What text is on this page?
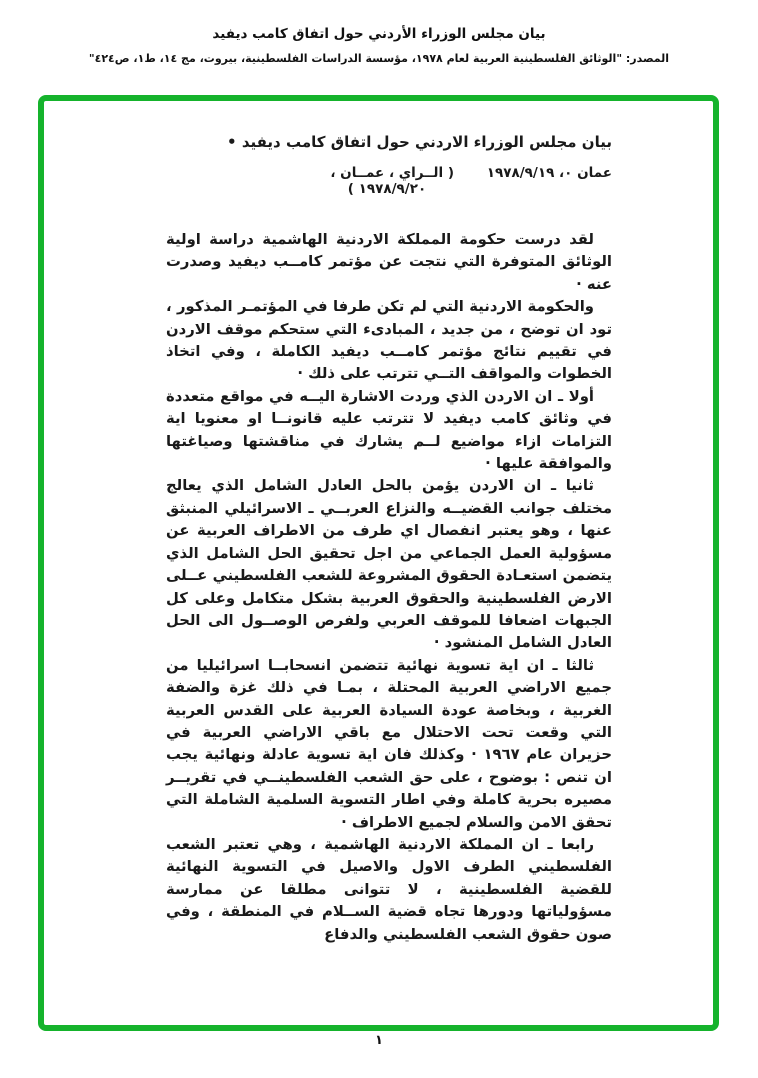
بيان مجلس الوزراء الأردني حول اتفاق كامب ديفيد
المصدر: "الوثائق الفلسطينية العربية لعام ١٩٧٨، مؤسسة الدراسات الفلسطينية، بيروت، مج ١٤، ط١، ص٤٢٤"
بيان مجلس الوزراء الاردني حول اتفاق كامب ديفيد •
عمان ٠، ١٩٧٨/٩/١٩
( الــراي ، عمــان ،

١٩٧٨/٩/٢٠ )

لقد درست حكومة المملكة الاردنية الهاشمية دراسة اولية الوثائق المتوفرة التي نتجت عن مؤتمر كامــب ديفيد وصدرت عنه ·

والحكومة الاردنية التي لم تكن طرفا في المؤتمـر المذكور ، تود ان توضح ، من جديد ، المبادىء التي ستحكم موقف الاردن في تقييم نتائج مؤتمر كامــب ديفيد الكاملة ، وفي اتخاذ الخطوات والمواقف التــي تترتب على ذلك ·

أولا ـ ان الاردن الذي وردت الاشارة اليــه في مواقع متعددة في وثائق كامب ديفيد لا تترتب عليه قانونــا او معنويا اية التزامات ازاء مواضيع لــم يشارك في مناقشتها وصياغتها والموافقة عليها ·

ثانيا ـ ان الاردن يؤمن بالحل العادل الشامل الذي يعالج مختلف جوانب القضيــه والنزاع العربــي ـ الاسرائيلي المنبثق عنها ، وهو يعتبر انفصال اي طرف من الاطراف العربية عن مسؤولية العمل الجماعي من اجل تحقيق الحل الشامل الذي يتضمن استعـادة الحقوق المشروعة للشعب الفلسطيني عــلى الارض الفلسطينية والحقوق العربية بشكل متكامل وعلى كل الجبهات اضعافا للموقف العربي ولفرص الوصــول الى الحل العادل الشامل المنشود ·

ثالثا ـ ان اية تسوية نهائية تتضمن انسحابــا اسرائيليا من جميع الاراضي العربية المحتلة ، بمـا في ذلك غزة والضفة الغربية ، وبخاصة عودة السيادة العربية على القدس العربية التي وقعت تحت الاحتلال مع باقي الاراضي العربية في حزيران عام ١٩٦٧ · وكذلك فان اية تسوية عادلة ونهائية يجب ان تنص : بوضوح ، على حق الشعب الفلسطينــي في تقريــر مصيره بحرية كاملة وفي اطار التسوية السلمية الشاملة التي تحقق الامن والسلام لجميع الاطراف ·

رابعا ـ ان المملكة الاردنية الهاشمية ، وهي تعتبر الشعب الفلسطيني الطرف الاول والاصيل في التسوية النهائية للقضية الفلسطينية ، لا تتوانى مطلقا عن ممارسة مسؤولياتها ودورها تجاه قضية الســلام في المنطقة ، وفي صون حقوق الشعب الفلسطيني والدفاع

١
